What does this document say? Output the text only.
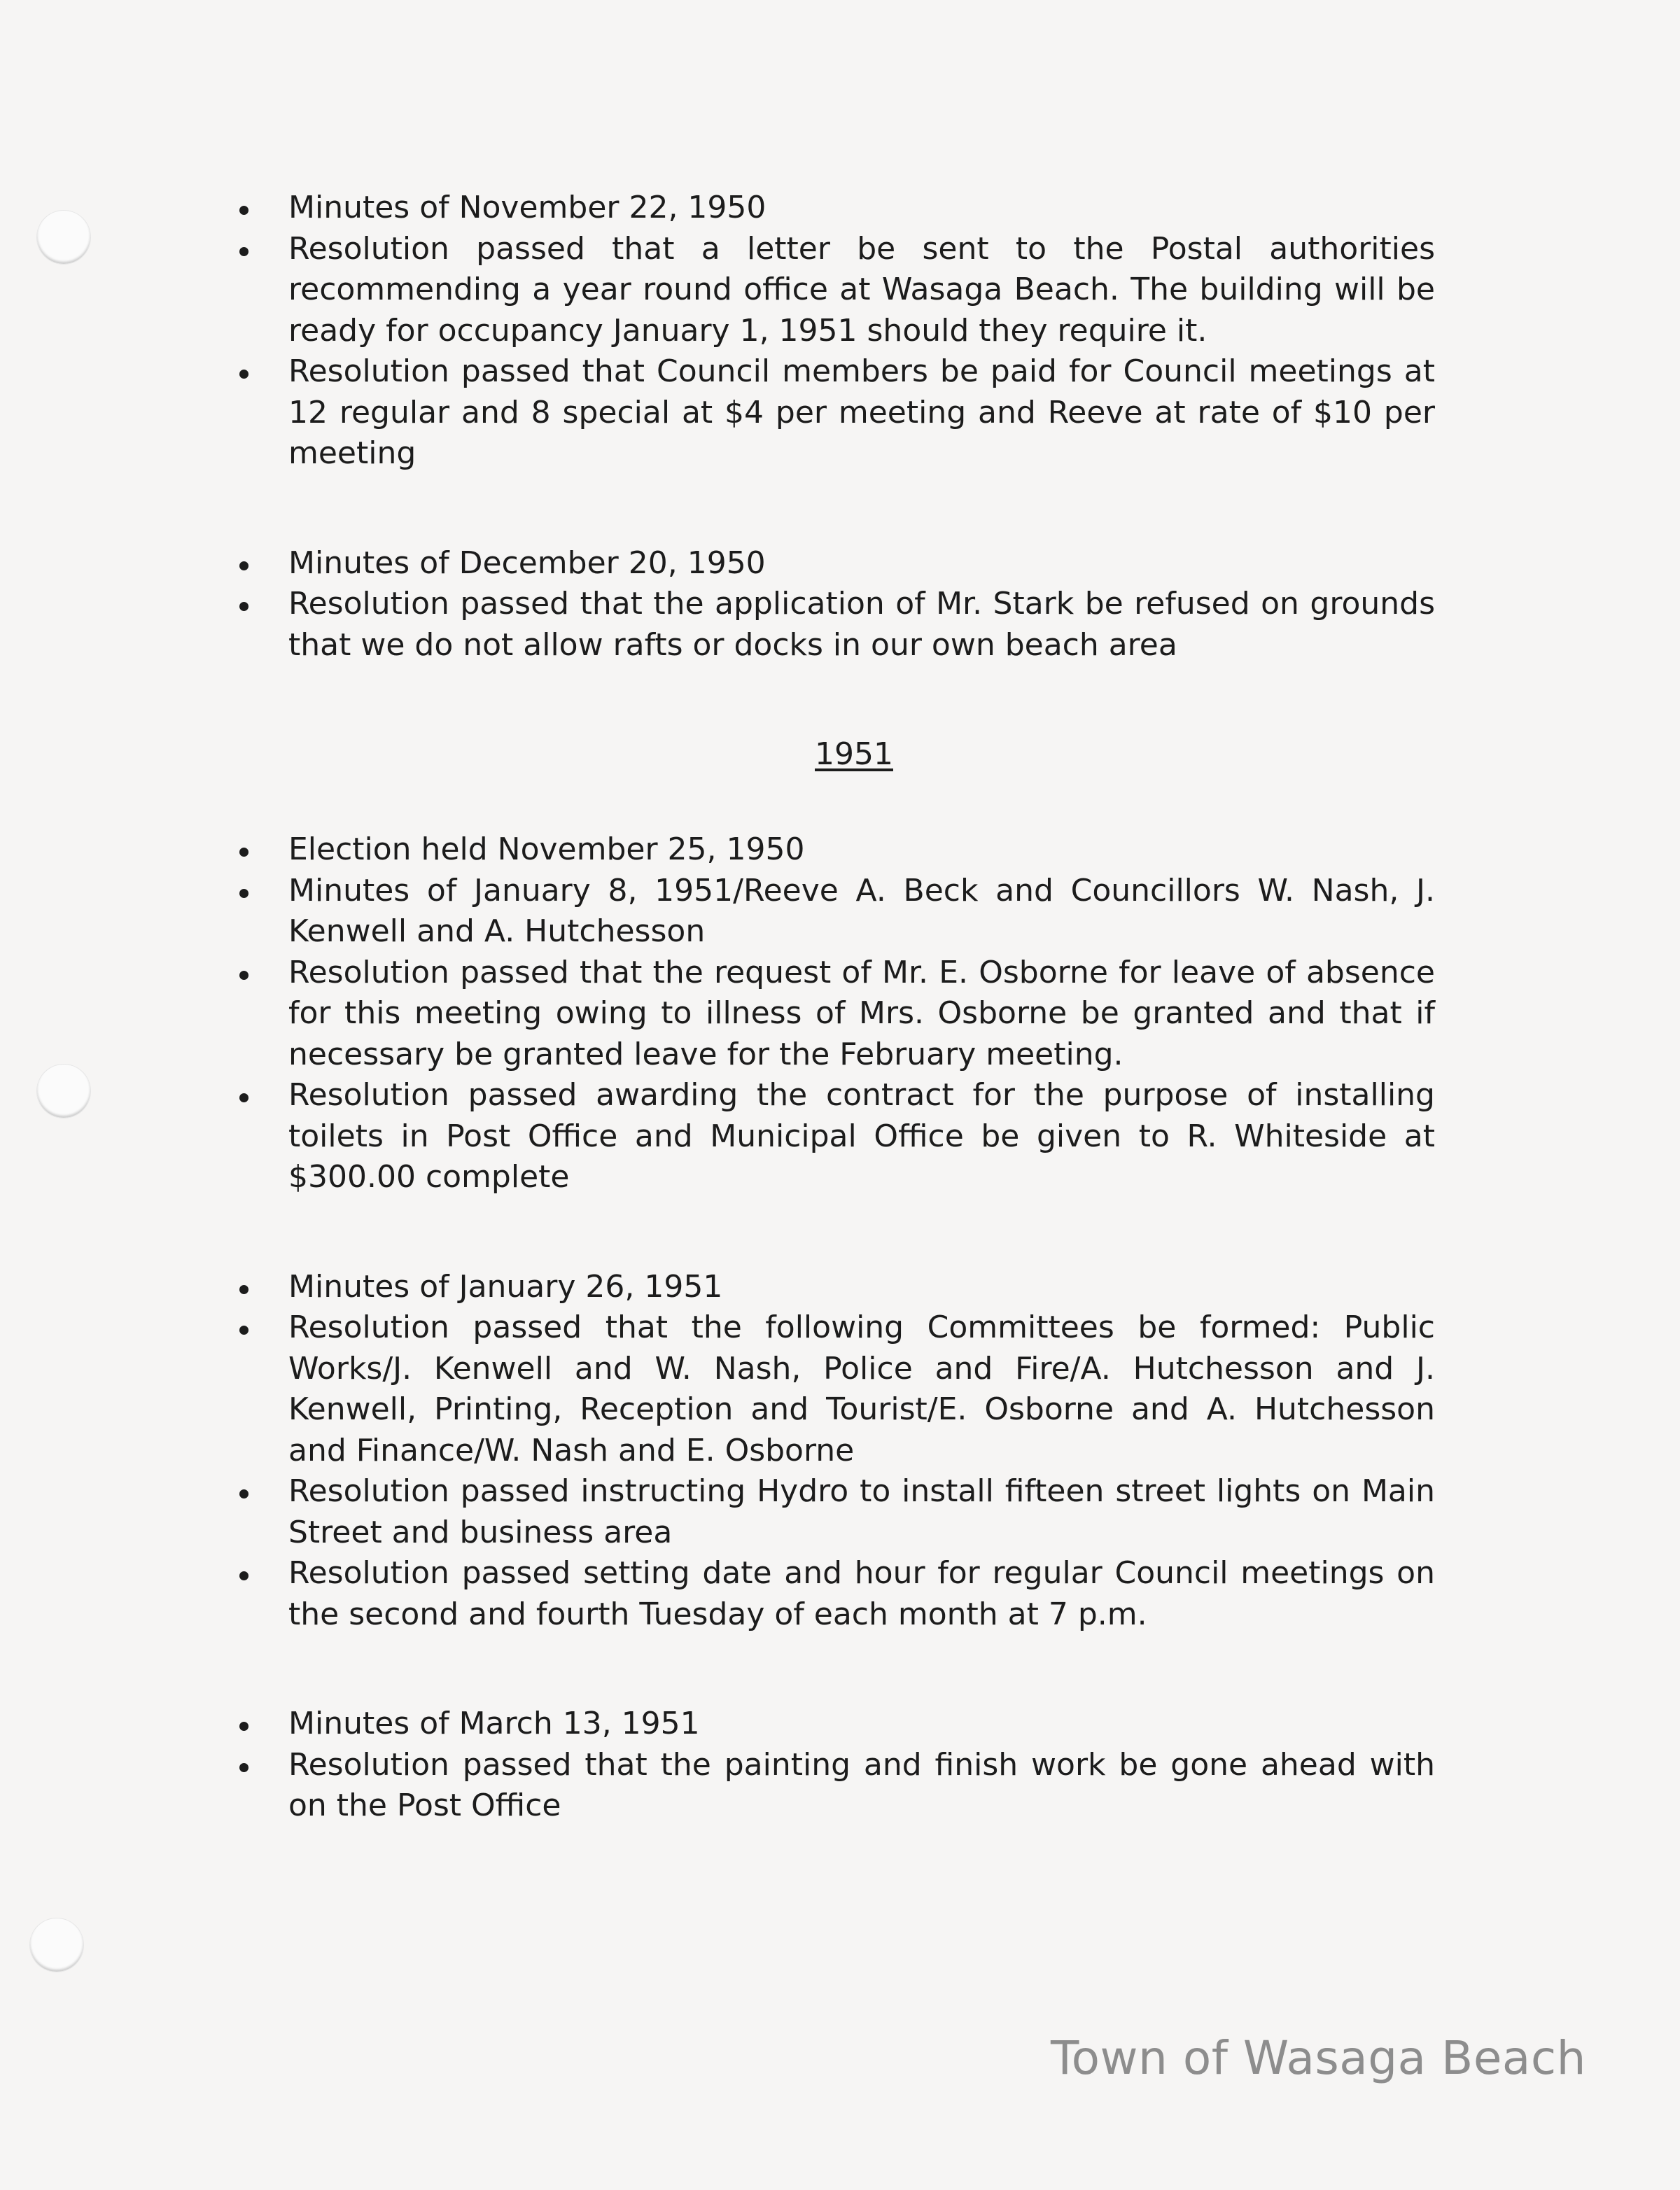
Minutes of November 22, 1950
Resolution passed that a letter be sent to the Postal authorities recommending a year round office at Wasaga Beach. The building will be ready for occupancy January 1, 1951 should they require it.
Resolution passed that Council members be paid for Council meetings at 12 regular and 8 special at $4 per meeting and Reeve at rate of $10 per meeting
Minutes of December 20, 1950
Resolution passed that the application of Mr. Stark be refused on grounds that we do not allow rafts or docks in our own beach area
1951
Election held November 25, 1950
Minutes of January 8, 1951/Reeve A. Beck and Councillors W. Nash, J. Kenwell and A. Hutchesson
Resolution passed that the request of Mr. E. Osborne for leave of absence for this meeting owing to illness of Mrs. Osborne be granted and that if necessary be granted leave for the February meeting.
Resolution passed awarding the contract for the purpose of installing toilets in Post Office and Municipal Office be given to R. Whiteside at $300.00 complete
Minutes of January 26, 1951
Resolution passed that the following Committees be formed: Public Works/J. Kenwell and W. Nash, Police and Fire/A. Hutchesson and J. Kenwell, Printing, Reception and Tourist/E. Osborne and A. Hutchesson and Finance/W. Nash and E. Osborne
Resolution passed instructing Hydro to install fifteen street lights on Main Street and business area
Resolution passed setting date and hour for regular Council meetings on the second and fourth Tuesday of each month at 7 p.m.
Minutes of March 13, 1951
Resolution passed that the painting and finish work be gone ahead with on the Post Office
Town of Wasaga Beach
